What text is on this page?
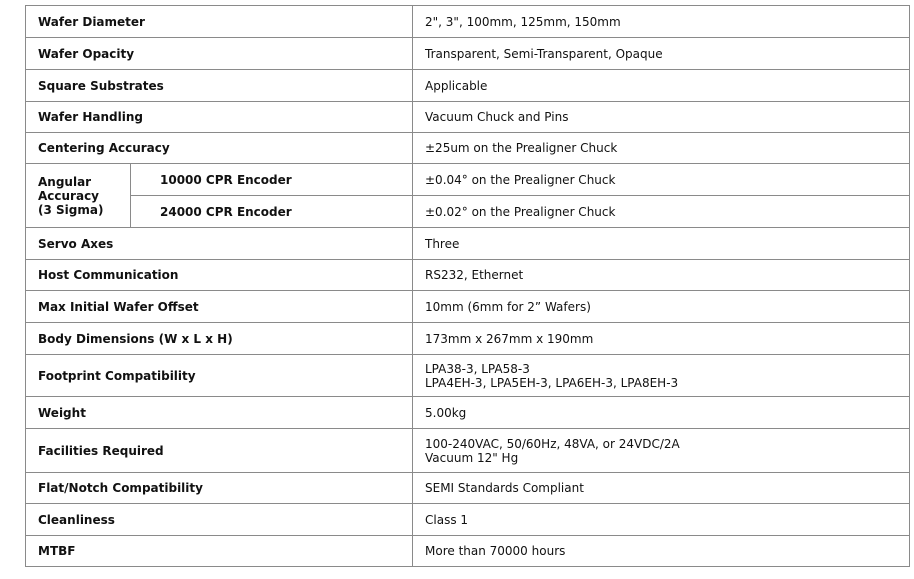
Wafer Diameter		2", 3", 100mm, 125mm, 150mm
Wafer Opacity		Transparent, Semi-Transparent, Opaque
Square Substrates		Applicable
Wafer Handling		Vacuum Chuck and Pins
Centering Accuracy		±25um on the Prealigner Chuck

Angular
Accuracy
(3 Sigma)	10000 CPR Encoder	±0.04° on the Prealigner Chuck
	24000 CPR Encoder	±0.02° on the Prealigner Chuck
Servo Axes		Three
Host Communication		RS232, Ethernet
Max Initial Wafer Offset		10mm (6mm for 2” Wafers)
Body Dimensions (W x L x H)		173mm x 267mm x 190mm
Footprint Compatibility		LPA38-3, LPA58-3
LPA4EH-3, LPA5EH-3, LPA6EH-3, LPA8EH-3

Weight		5.00kg
Facilities Required		100-240VAC, 50/60Hz, 48VA, or 24VDC/2A
Vacuum 12" Hg

Flat/Notch Compatibility		SEMI Standards Compliant
Cleanliness		Class 1
MTBF		More than 70000 hours
